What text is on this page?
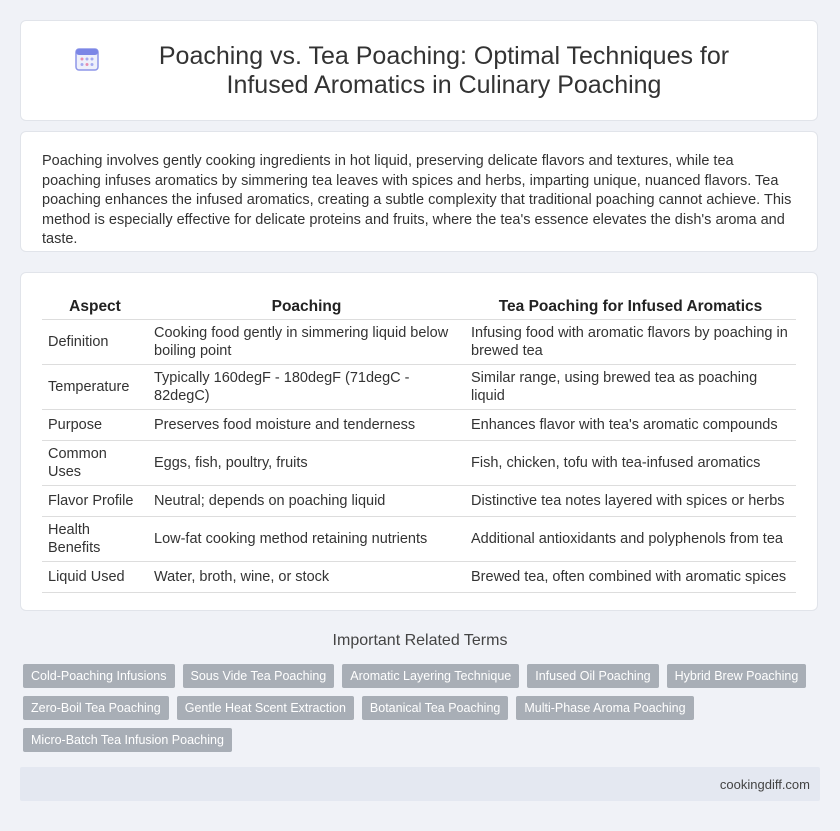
Poaching vs. Tea Poaching: Optimal Techniques for Infused Aromatics in Culinary Poaching

Poaching involves gently cooking ingredients in hot liquid, preserving delicate flavors and textures, while tea poaching infuses aromatics by simmering tea leaves with spices and herbs, imparting unique, nuanced flavors. Tea poaching enhances the infused aromatics, creating a subtle complexity that traditional poaching cannot achieve. This method is especially effective for delicate proteins and fruits, where the tea's essence elevates the dish's aroma and taste.

Aspect	Poaching	Tea Poaching for Infused Aromatics
Definition	Cooking food gently in simmering liquid below boiling point	Infusing food with aromatic flavors by poaching in brewed tea
Temperature	Typically 160degF - 180degF (71degC - 82degC)	Similar range, using brewed tea as poaching liquid
Purpose	Preserves food moisture and tenderness	Enhances flavor with tea's aromatic compounds
Common Uses	Eggs, fish, poultry, fruits	Fish, chicken, tofu with tea-infused aromatics
Flavor Profile	Neutral; depends on poaching liquid	Distinctive tea notes layered with spices or herbs
Health Benefits	Low-fat cooking method retaining nutrients	Additional antioxidants and polyphenols from tea
Liquid Used	Water, broth, wine, or stock	Brewed tea, often combined with aromatic spices
Important Related Terms
Cold-Poaching Infusions	Sous Vide Tea Poaching	Aromatic Layering Technique	Infused Oil Poaching	Hybrid Brew Poaching
Zero-Boil Tea Poaching	Gentle Heat Scent Extraction	Botanical Tea Poaching	Multi-Phase Aroma Poaching
Micro-Batch Tea Infusion Poaching
cookingdiff.com
